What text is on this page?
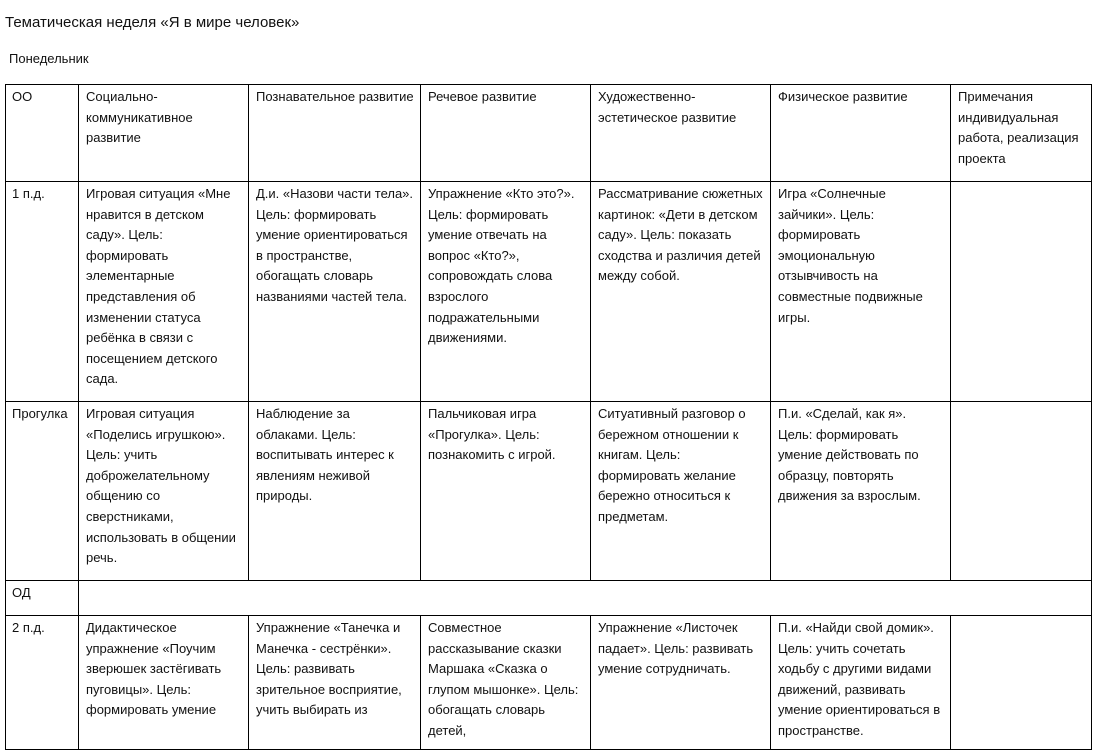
Тематическая неделя «Я в мире человек»
Понедельник
ОО	Социально-коммуникативное развитие	Познавательное развитие	Речевое развитие	Художественно-эстетическое развитие	Физическое развитие	Примечания индивидуальная работа, реализация проекта
1 п.д.	Игровая ситуация «Мне нравится в детском саду». Цель: формировать элементарные представления об изменении статуса ребёнка в связи с посещением детского сада.	Д.и. «Назови части тела». Цель: формировать умение ориентироваться в пространстве, обогащать словарь названиями частей тела.	Упражнение «Кто это?». Цель: формировать умение отвечать на вопрос «Кто?», сопровождать слова взрослого подражательными движениями.	Рассматривание сюжетных картинок: «Дети в детском саду». Цель: показать сходства и различия детей между собой.	Игра «Солнечные зайчики». Цель: формировать эмоциональную отзывчивость на совместные подвижные игры.	
Прогулка	Игровая ситуация «Поделись игрушкою». Цель: учить доброжелательному общению со сверстниками, использовать в общении речь.	Наблюдение за облаками. Цель: воспитывать интерес к явлениям неживой природы.	Пальчиковая игра «Прогулка». Цель: познакомить с игрой.	Ситуативный разговор о бережном отношении к книгам. Цель: формировать желание бережно относиться к предметам.	П.и. «Сделай, как я». Цель: формировать умение действовать по образцу, повторять движения за взрослым.	
ОД						
2 п.д.	Дидактическое упражнение «Поучим зверюшек застёгивать пуговицы». Цель: формировать умение	Упражнение «Танечка и Манечка - сестрёнки». Цель: развивать зрительное восприятие, учить выбирать из	Совместное рассказывание сказки Маршака «Сказка о глупом мышонке». Цель: обогащать словарь детей,	Упражнение «Листочек падает». Цель: развивать умение сотрудничать.	П.и. «Найди свой домик». Цель: учить сочетать ходьбу с другими видами движений, развивать умение ориентироваться в пространстве.	
